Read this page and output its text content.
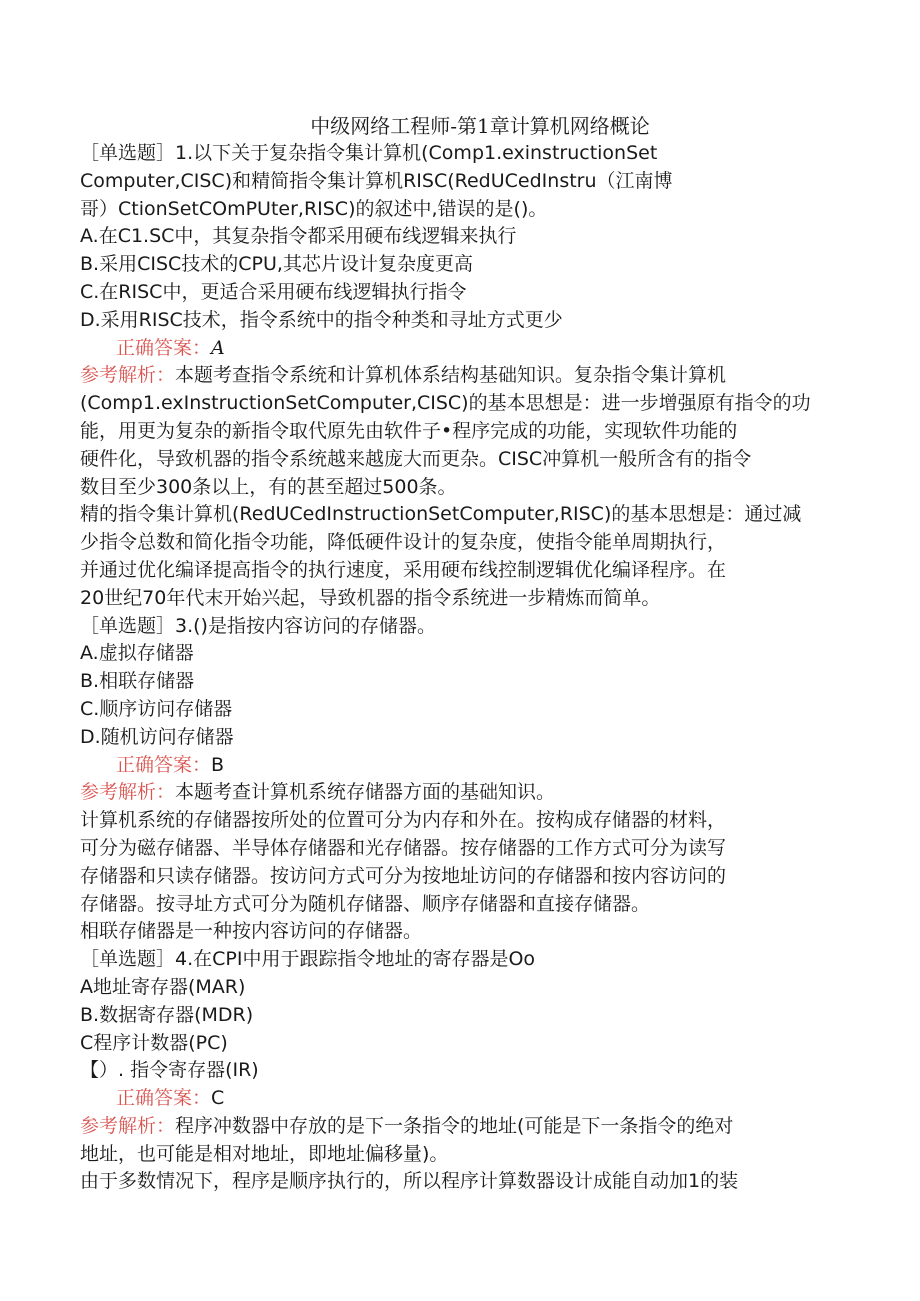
中级网络工程师-第1章计算机网络概论
［单选题］1.以下关于复杂指令集计算机(Comp1.exinstructionSet
Computer,CISC)和精简指令集计算机RISC(RedUCedInstru（江南博
哥）CtionSetCOmPUter,RISC)的叙述中,错误的是()。
A.在C1.SC中，其复杂指令都采用硬布线逻辑来执行
B.采用CISC技术的CPU,其芯片设计复杂度更高
C.在RISC中，更适合采用硬布线逻辑执行指令
D.采用RISC技术，指令系统中的指令种类和寻址方式更少
正确答案：A
参考解析：本题考查指令系统和计算机体系结构基础知识。复杂指令集计算机
(Comp1.exInstructionSetComputer,CISC)的基本思想是：进一步增强原有指令的功
能，用更为复杂的新指令取代原先由软件子•程序完成的功能，实现软件功能的
硬件化，导致机器的指令系统越来越庞大而更杂。CISC冲算机一般所含有的指令
数目至少300条以上，有的甚至超过500条。
精的指令集计算机(RedUCedInstructionSetComputer,RISC)的基本思想是：通过减
少指令总数和简化指令功能，降低硬件设计的复杂度，使指令能单周期执行，
并通过优化编译提高指令的执行速度，采用硬布线控制逻辑优化编译程序。在
20世纪70年代末开始兴起，导致机器的指令系统进一步精炼而简单。
［单选题］3.()是指按内容访问的存储器。
A.虚拟存储器
B.相联存储器
C.顺序访问存储器
D.随机访问存储器
正确答案：B
参考解析：本题考查计算机系统存储器方面的基础知识。
计算机系统的存储器按所处的位置可分为内存和外在。按构成存储器的材料，
可分为磁存储器、半导体存储器和光存储器。按存储器的工作方式可分为读写
存储器和只读存储器。按访问方式可分为按地址访问的存储器和按内容访问的
存储器。按寻址方式可分为随机存储器、顺序存储器和直接存储器。
相联存储器是一种按内容访问的存储器。
［单选题］4.在CPI中用于跟踪指令地址的寄存器是Oo
A地址寄存器(MAR)
B.数据寄存器(MDR)
C程序计数器(PC)
【）. 指令寄存器(IR)
正确答案：C
参考解析：程序冲数器中存放的是下一条指令的地址(可能是下一条指令的绝对
地址，也可能是相对地址，即地址偏移量)。
由于多数情况下，程序是顺序执行的，所以程序计算数器设计成能自动加1的装
